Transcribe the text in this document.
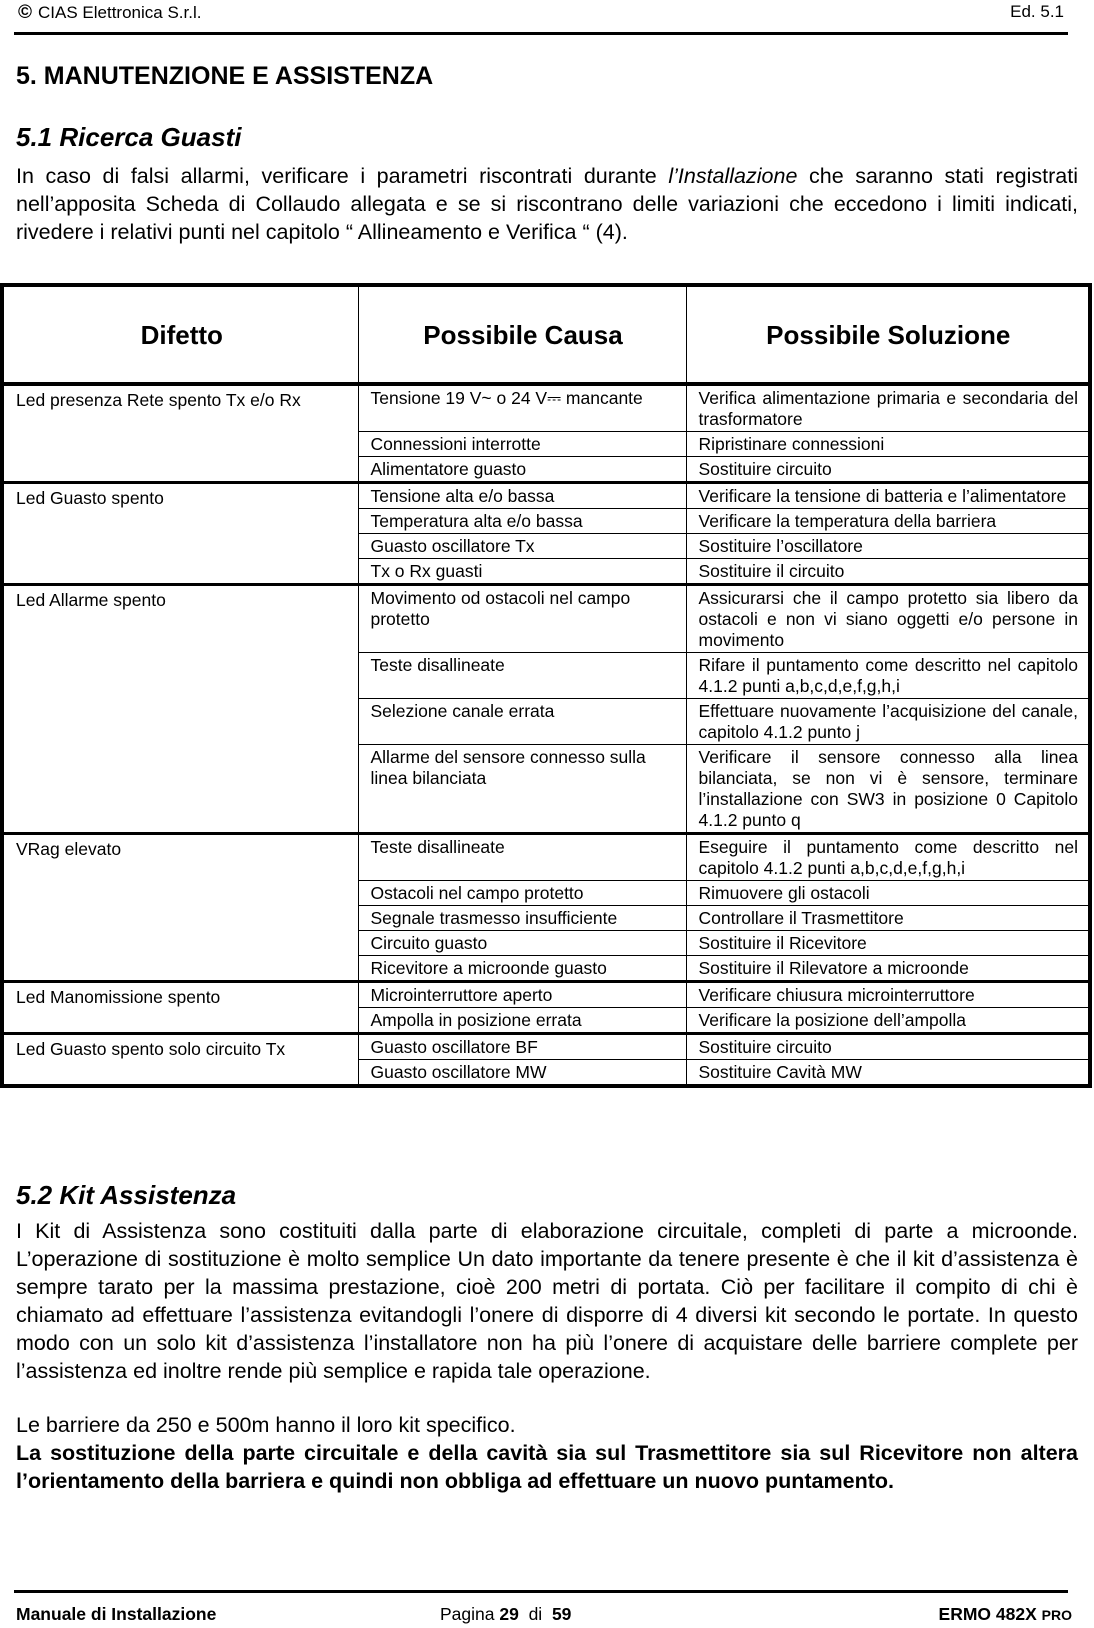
© CIAS Elettronica S.r.l.	Ed. 5.1
5. MANUTENZIONE E ASSISTENZA
5.1 Ricerca Guasti
In caso di falsi allarmi, verificare i parametri riscontrati durante l’Installazione che saranno stati registrati nell’apposita Scheda di Collaudo allegata e se si riscontrano delle variazioni che eccedono i limiti indicati, rivedere i relativi punti nel capitolo “ Allineamento e Verifica “ (4).
Difetto	Possibile Causa	Possibile Soluzione
Led presenza Rete spento Tx e/o Rx	Tensione 19 V~ o 24 V⎓ mancante	Verifica alimentazione primaria e secondaria del trasformatore
	Connessioni interrotte	Ripristinare connessioni
	Alimentatore guasto	Sostituire circuito
Led Guasto spento	Tensione alta e/o bassa	Verificare la tensione di batteria e l’alimentatore
	Temperatura alta e/o bassa	Verificare la temperatura della barriera
	Guasto oscillatore Tx	Sostituire l’oscillatore
	Tx o Rx guasti	Sostituire il circuito
Led Allarme spento	Movimento od ostacoli nel campo protetto	Assicurarsi che il campo protetto sia libero da ostacoli e non vi siano oggetti e/o persone in movimento
	Teste disallineate	Rifare il puntamento come descritto nel capitolo 4.1.2 punti a,b,c,d,e,f,g,h,i
	Selezione canale errata	Effettuare nuovamente l’acquisizione del canale, capitolo 4.1.2 punto j
	Allarme del sensore connesso sulla linea bilanciata	Verificare il sensore connesso alla linea bilanciata, se non vi è sensore, terminare l’installazione con SW3 in posizione 0 Capitolo 4.1.2 punto q
VRag elevato	Teste disallineate	Eseguire il puntamento come descritto nel capitolo 4.1.2 punti a,b,c,d,e,f,g,h,i
	Ostacoli nel campo protetto	Rimuovere gli ostacoli
	Segnale trasmesso insufficiente	Controllare il Trasmettitore
	Circuito guasto	Sostituire il Ricevitore
	Ricevitore a microonde guasto	Sostituire il Rilevatore a microonde
Led Manomissione spento	Microinterruttore aperto	Verificare chiusura microinterruttore
	Ampolla in posizione errata	Verificare la posizione dell’ampolla
Led Guasto spento solo circuito Tx	Guasto oscillatore BF	Sostituire circuito
	Guasto oscillatore MW	Sostituire Cavità MW
5.2 Kit Assistenza
I Kit di Assistenza sono costituiti dalla parte di elaborazione circuitale, completi di parte a microonde. L’operazione di sostituzione è molto semplice Un dato importante da tenere presente è che il kit d’assistenza è sempre tarato per la massima prestazione, cioè 200 metri di portata. Ciò per facilitare il compito di chi è chiamato ad effettuare l’assistenza evitandogli l’onere di disporre di 4 diversi kit secondo le portate. In questo modo con un solo kit d’assistenza l’installatore non ha più l’onere di acquistare delle barriere complete per l’assistenza ed inoltre rende più semplice e rapida tale operazione.
Le barriere da 250 e 500m hanno il loro kit specifico.
La sostituzione della parte circuitale e della cavità sia sul Trasmettitore sia sul Ricevitore non altera l’orientamento della barriera e quindi non obbliga ad effettuare un nuovo puntamento.
Manuale di Installazione	Pagina 29 di 59	ERMO 482X PRO
